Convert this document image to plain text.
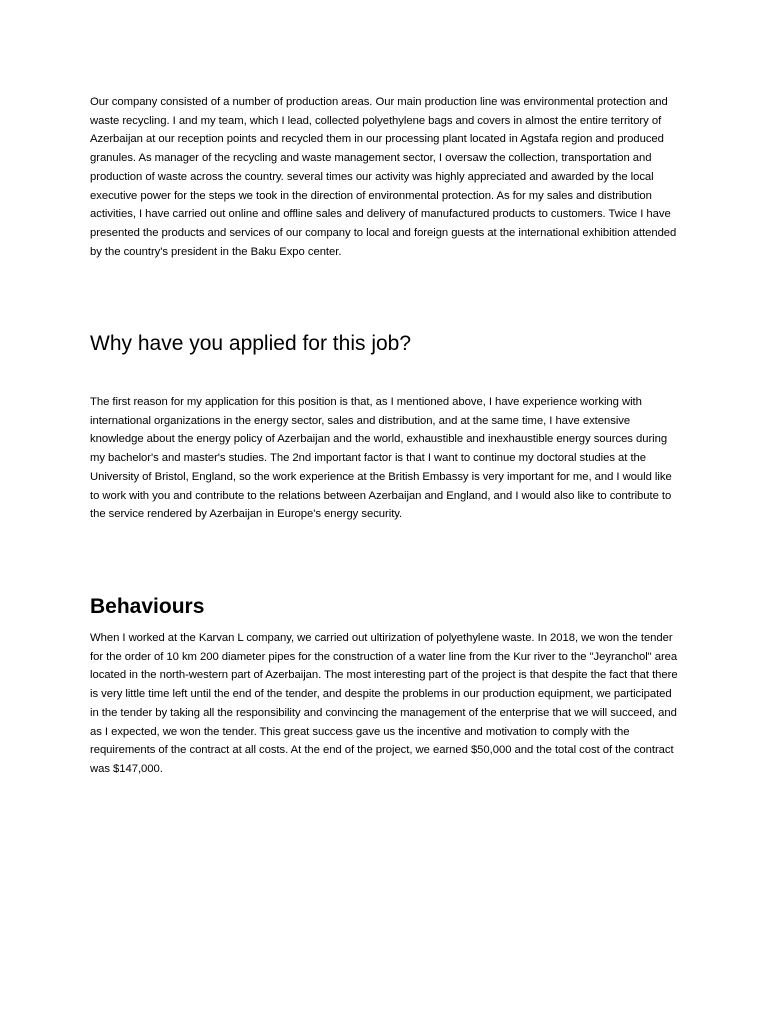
Our company consisted of a number of production areas. Our main production line was environmental protection and waste recycling. I and my team, which I lead, collected polyethylene bags and covers in almost the entire territory of Azerbaijan at our reception points and recycled them in our processing plant located in Agstafa region and produced granules. As manager of the recycling and waste management sector, I oversaw the collection, transportation and production of waste across the country. several times our activity was highly appreciated and awarded by the local executive power for the steps we took in the direction of environmental protection. As for my sales and distribution activities, I have carried out online and offline sales and delivery of manufactured products to customers. Twice I have presented the products and services of our company to local and foreign guests at the international exhibition attended by the country's president in the Baku Expo center.

Why have you applied for this job?

The first reason for my application for this position is that, as I mentioned above, I have experience working with international organizations in the energy sector, sales and distribution, and at the same time, I have extensive knowledge about the energy policy of Azerbaijan and the world, exhaustible and inexhaustible energy sources during my bachelor's and master's studies. The 2nd important factor is that I want to continue my doctoral studies at the University of Bristol, England, so the work experience at the British Embassy is very important for me, and I would like to work with you and contribute to the relations between Azerbaijan and England, and I would also like to contribute to the service rendered by Azerbaijan in Europe's energy security.

Behaviours

When I worked at the Karvan L company, we carried out ultirization of polyethylene waste. In 2018, we won the tender for the order of 10 km 200 diameter pipes for the construction of a water line from the Kur river to the "Jeyranchol" area located in the north-western part of Azerbaijan. The most interesting part of the project is that despite the fact that there is very little time left until the end of the tender, and despite the problems in our production equipment, we participated in the tender by taking all the responsibility and convincing the management of the enterprise that we will succeed, and as I expected, we won the tender. This great success gave us the incentive and motivation to comply with the requirements of the contract at all costs. At the end of the project, we earned $50,000 and the total cost of the contract was $147,000.
